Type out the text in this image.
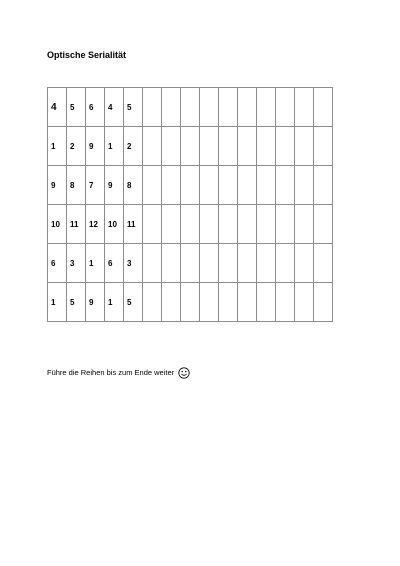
Optische Serialität
4	5	6	4	5										
1	2	9	1	2										
9	8	7	9	8										
10	11	12	10	11										
6	3	1	6	3										
1	5	9	1	5										
Führe die Reihen bis zum Ende weiter
